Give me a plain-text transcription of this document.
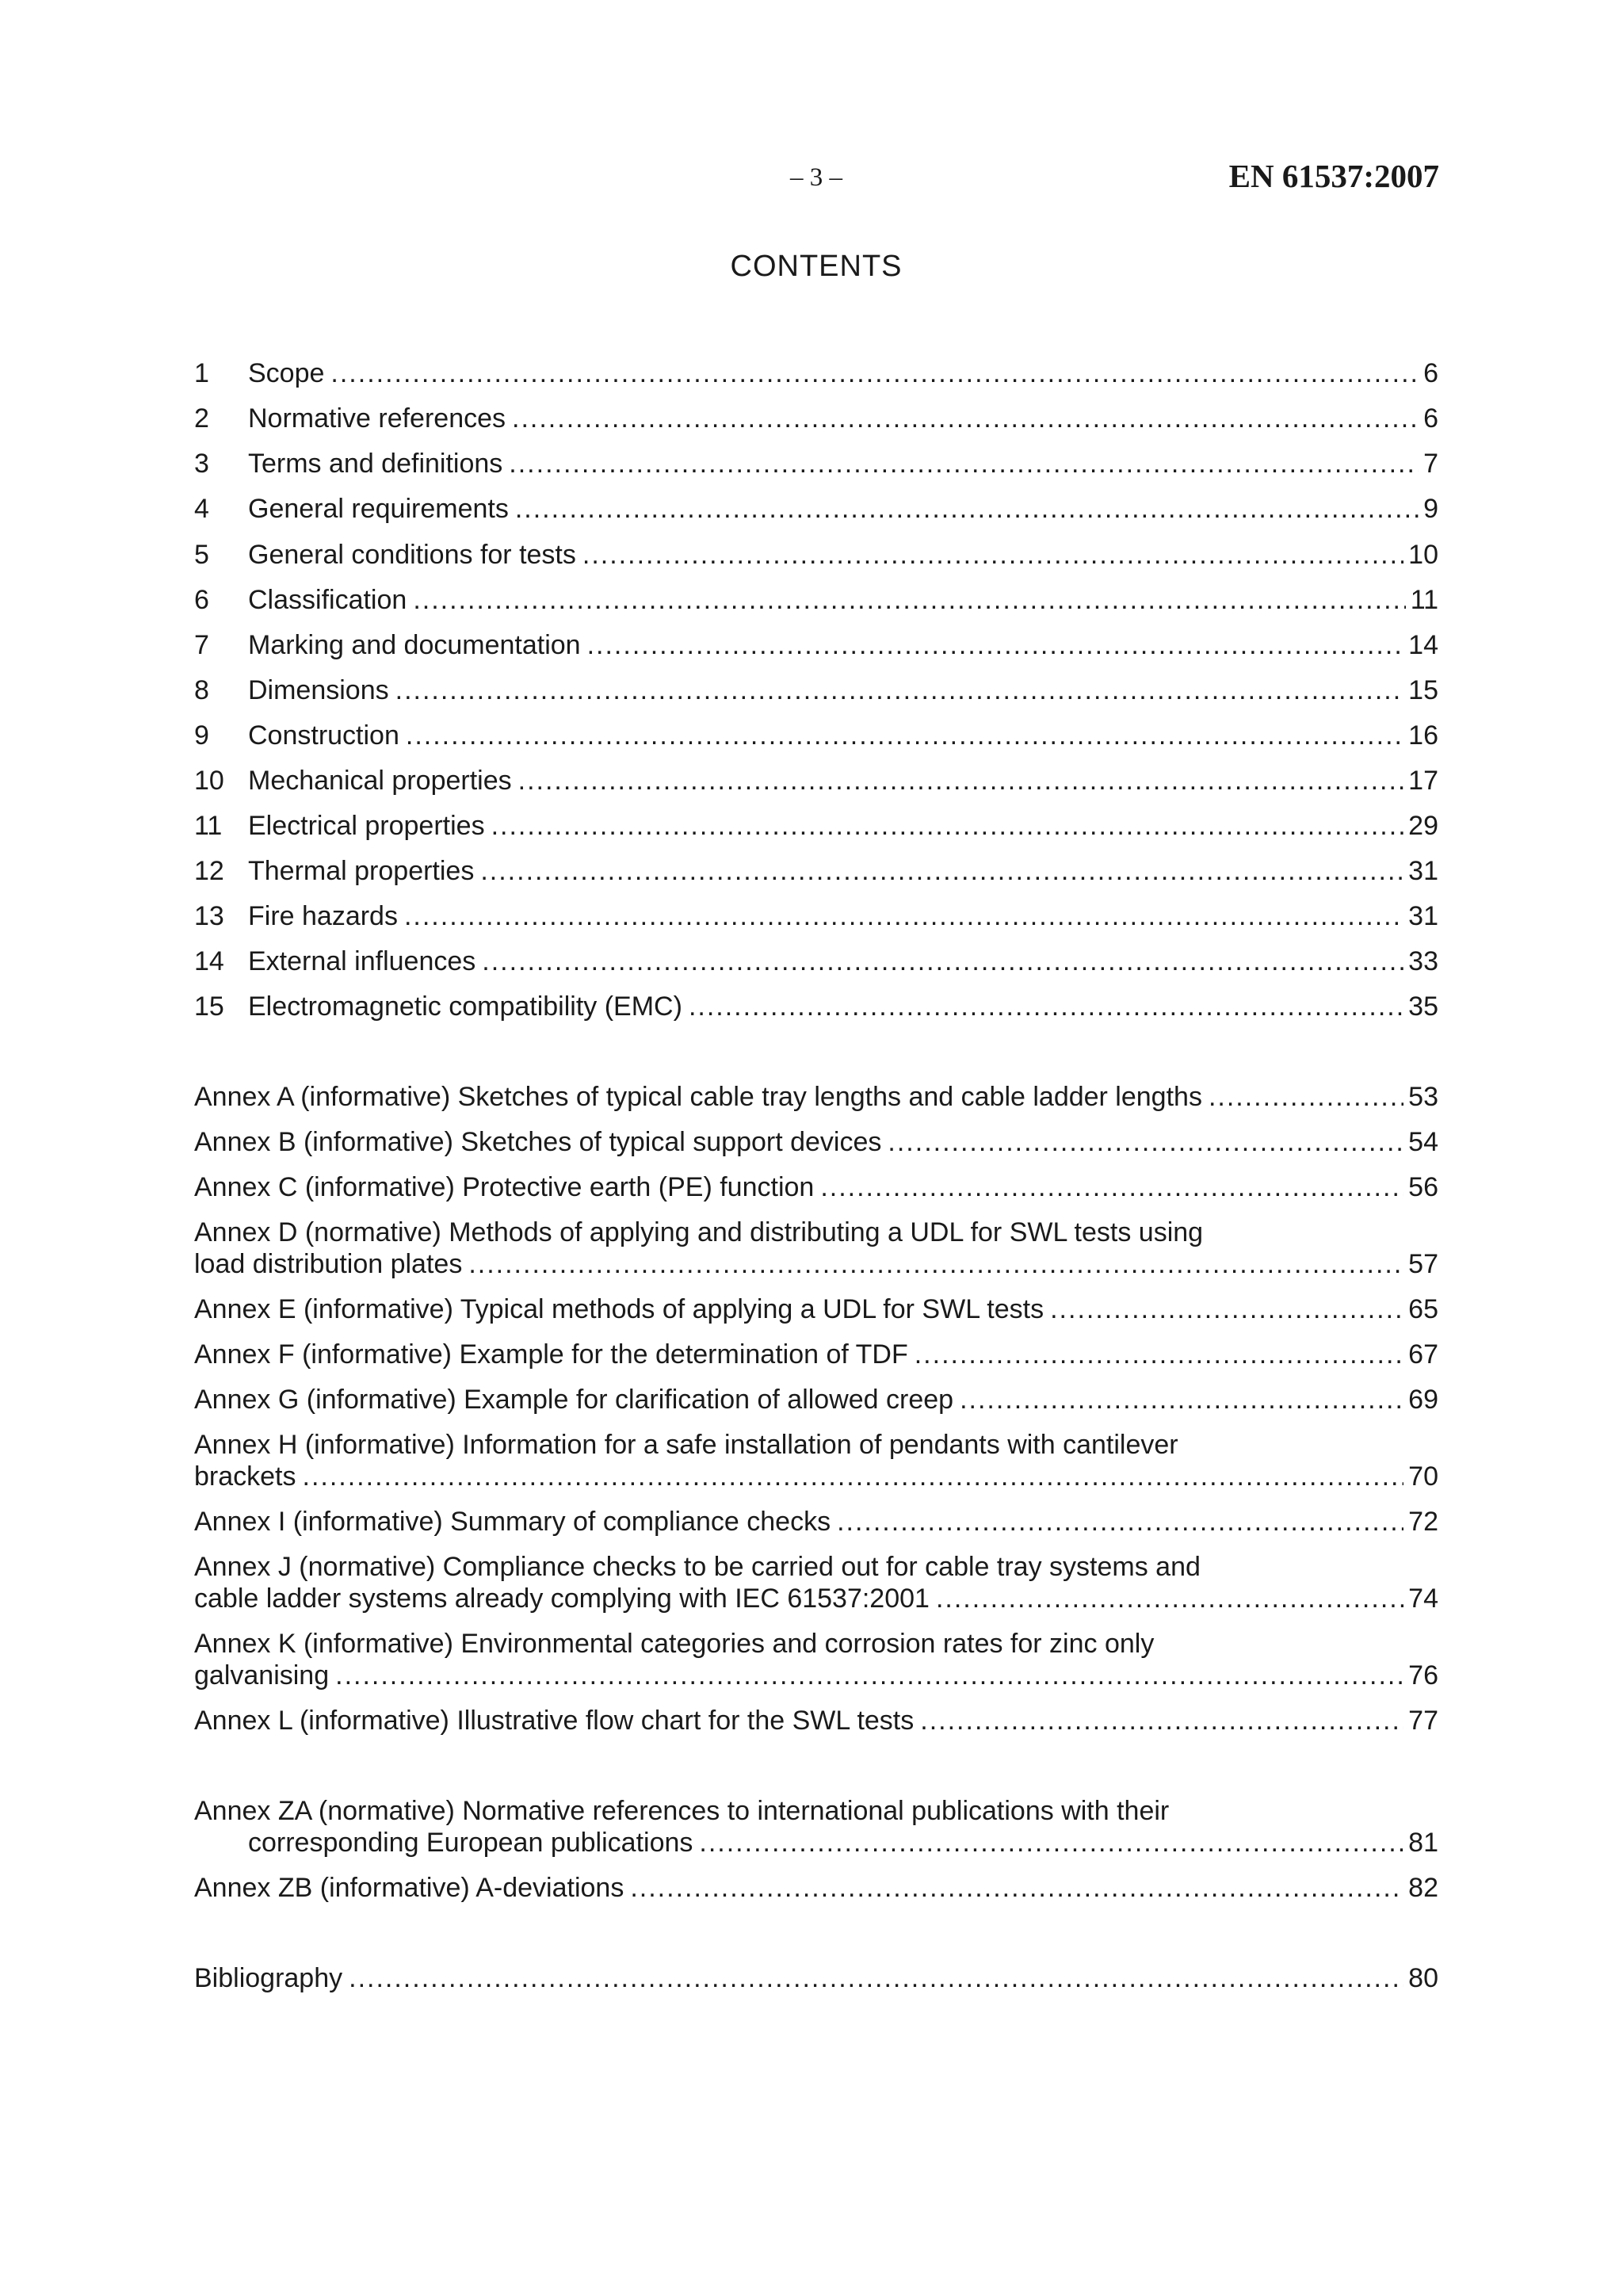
– 3 –	EN 61537:2007
CONTENTS
1	Scope .....	6
2	Normative references .....	6
3	Terms and definitions .....	7
4	General requirements .....	9
5	General conditions for tests .....	10
6	Classification .....	11
7	Marking and documentation .....	14
8	Dimensions .....	15
9	Construction .....	16
10 Mechanical properties .....	17
11 Electrical properties .....	29
12 Thermal properties .....	31
13 Fire hazards .....	31
14 External influences .....	33
15 Electromagnetic compatibility (EMC) .....	35
Annex A (informative) Sketches of typical cable tray lengths and cable ladder lengths .....	53
Annex B (informative) Sketches of typical support devices .....	54
Annex C (informative) Protective earth (PE) function .....	56
Annex D (normative) Methods of applying and distributing a UDL for SWL tests using
load distribution plates .....	57
Annex E (informative) Typical methods of applying a UDL for SWL tests .....	65
Annex F (informative) Example for the determination of TDF .....	67
Annex G (informative) Example for clarification of allowed creep .....	69
Annex H (informative) Information for a safe installation of pendants with cantilever
brackets .....	70
Annex I (informative) Summary of compliance checks .....	72
Annex J (normative) Compliance checks to be carried out for cable tray systems and
cable ladder systems already complying with IEC 61537:2001 .....	74
Annex K (informative) Environmental categories and corrosion rates for zinc only
galvanising .....	76
Annex L (informative) Illustrative flow chart for the SWL tests .....	77
Annex ZA (normative) Normative references to international publications with their
corresponding European publications .....	81
Annex ZB (informative) A-deviations .....	82
Bibliography .....	80
